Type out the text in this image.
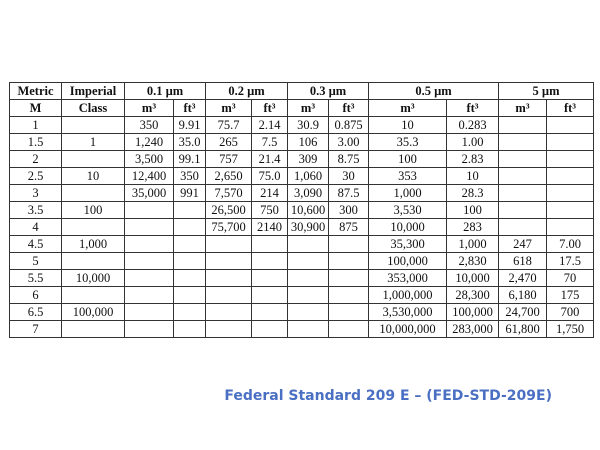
Metric	Imperial	0.1 µm		0.2 µm		0.3 µm		0.5 µm		5 µm	
M	Class	m³	ft³	m³	ft³	m³	ft³	m³	ft³	m³	ft³
1		350	9.91	75.7	2.14	30.9	0.875	10	0.283		
1.5	1	1,240	35.0	265	7.5	106	3.00	35.3	1.00		
2		3,500	99.1	757	21.4	309	8.75	100	2.83		
2.5	10	12,400	350	2,650	75.0	1,060	30	353	10		
3		35,000	991	7,570	214	3,090	87.5	1,000	28.3		
3.5	100			26,500	750	10,600	300	3,530	100		
4				75,700	2140	30,900	875	10,000	283		
4.5	1,000							35,300	1,000	247	7.00
5								100,000	2,830	618	17.5
5.5	10,000							353,000	10,000	2,470	70
6								1,000,000	28,300	6,180	175
6.5	100,000							3,530,000	100,000	24,700	700
7								10,000,000	283,000	61,800	1,750
Federal Standard 209 E – (FED-STD-209E)
